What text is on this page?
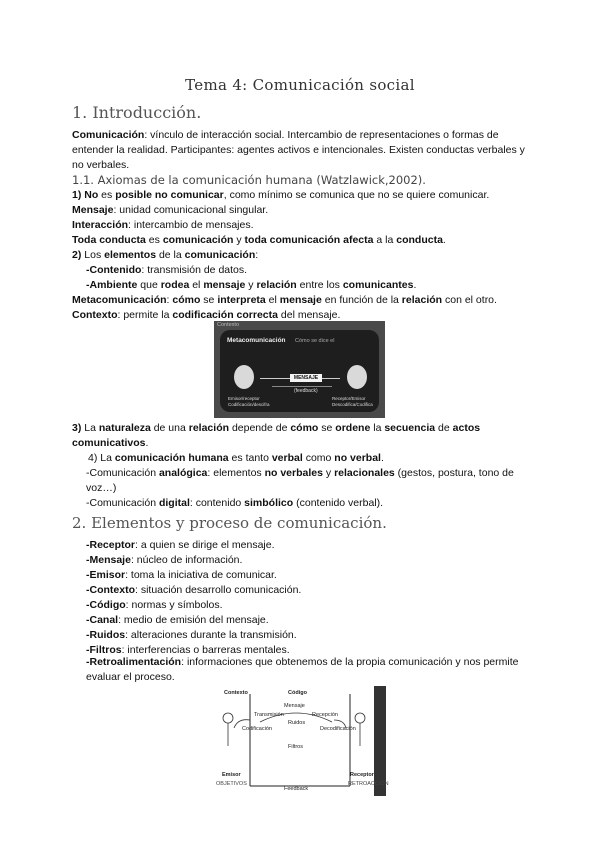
Tema 4: Comunicación social
1. Introducción.
Comunicación: vínculo de interacción social. Intercambio de representaciones o formas de entender la realidad. Participantes: agentes activos e intencionales. Existen conductas verbales y no verbales.
1.1. Axiomas de la comunicación humana (Watzlawick,2002).
1) No es posible no comunicar, como mínimo se comunica que no se quiere comunicar.
Mensaje: unidad comunicacional singular.
Interacción: intercambio de mensajes.
Toda conducta es comunicación y toda comunicación afecta a la conducta.
2) Los elementos de la comunicación:
-Contenido: transmisión de datos.
-Ambiente que rodea el mensaje y relación entre los comunicantes.
Metacomunicación: cómo se interpreta el mensaje en función de la relación con el otro.
Contexto: permite la codificación correcta del mensaje.
Contexto
Metacomunicación Cómo se dice el
MENSAJE
(feedback)
Emisor/receptor
Codificación/descifra
Receptor/Emisor
Descodifica/Codifica
3) La naturaleza de una relación depende de cómo se ordene la secuencia de actos comunicativos.
4) La comunicación humana es tanto verbal como no verbal.
-Comunicación analógica: elementos no verbales y relacionales (gestos, postura, tono de voz…)
-Comunicación digital: contenido simbólico (contenido verbal).
2. Elementos y proceso de comunicación.
-Receptor: a quien se dirige el mensaje.
-Mensaje: núcleo de información.
-Emisor: toma la iniciativa de comunicar.
-Contexto: situación desarrollo comunicación.
-Código: normas y símbolos.
-Canal: medio de emisión del mensaje.
-Ruidos: alteraciones durante la transmisión.
-Filtros: interferencias o barreras mentales.
-Retroalimentación: informaciones que obtenemos de la propia comunicación y nos permite evaluar el proceso.
Contexto	Código
Mensaje
Transmisión	Recepción
Ruidos
Codificación	Decodificación
Filtros
Emisor
OBJETIVOS
Receptor
RETROACCIÓN
Feedback
